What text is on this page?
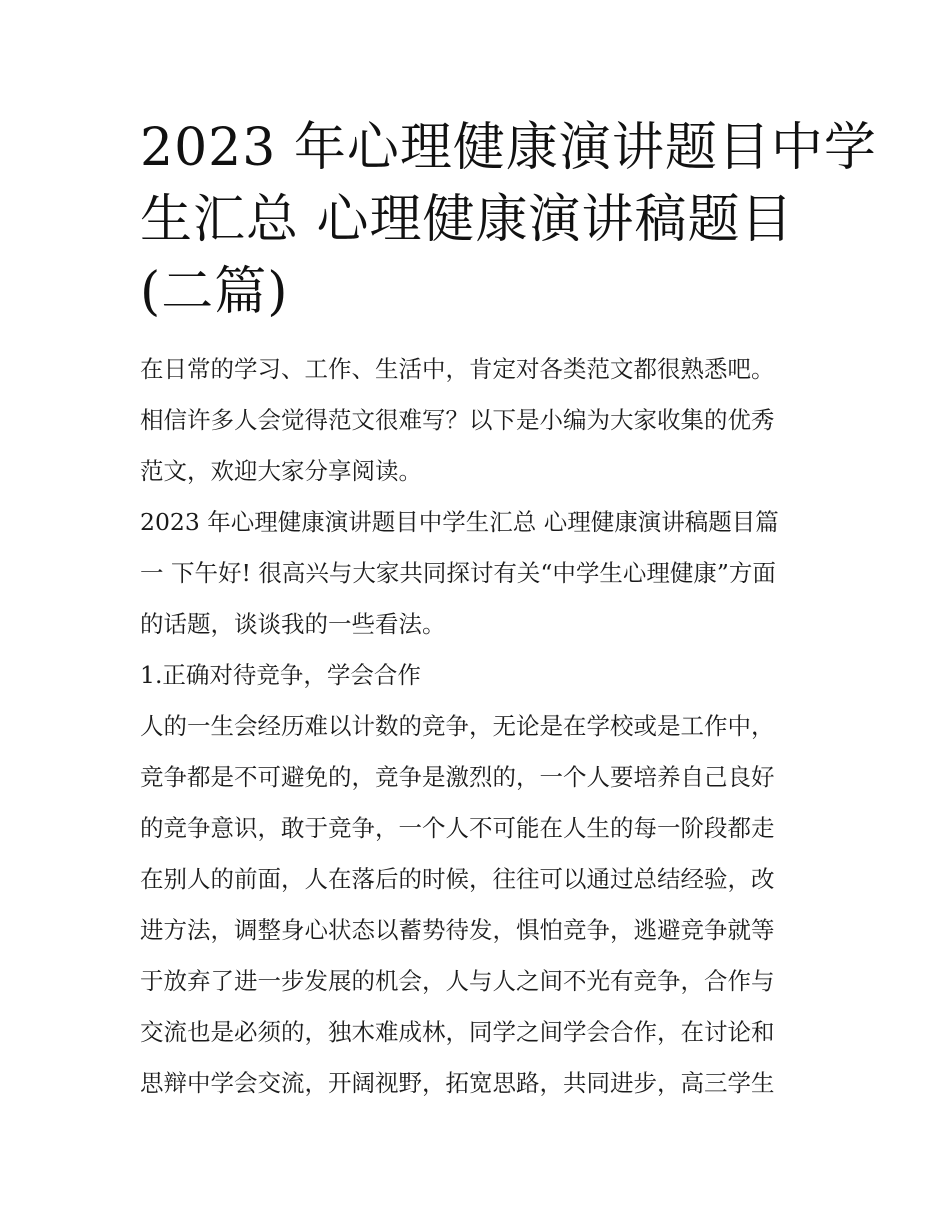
2023 年心理健康演讲题目中学
生汇总 心理健康演讲稿题目
(二篇)

在日常的学习、工作、生活中，肯定对各类范文都很熟悉吧。
相信许多人会觉得范文很难写？以下是小编为大家收集的优秀
范文，欢迎大家分享阅读。

2023 年心理健康演讲题目中学生汇总 心理健康演讲稿题目篇
一 下午好! 很高兴与大家共同探讨有关“中学生心理健康”方面
的话题，谈谈我的一些看法。

1.正确对待竞争，学会合作

人的一生会经历难以计数的竞争，无论是在学校或是工作中，
竞争都是不可避免的，竞争是激烈的，一个人要培养自己良好
的竞争意识，敢于竞争，一个人不可能在人生的每一阶段都走
在别人的前面，人在落后的时候，往往可以通过总结经验，改
进方法，调整身心状态以蓄势待发，惧怕竞争，逃避竞争就等
于放弃了进一步发展的机会，人与人之间不光有竞争，合作与
交流也是必须的，独木难成林，同学之间学会合作，在讨论和
思辩中学会交流，开阔视野，拓宽思路，共同进步，高三学生
